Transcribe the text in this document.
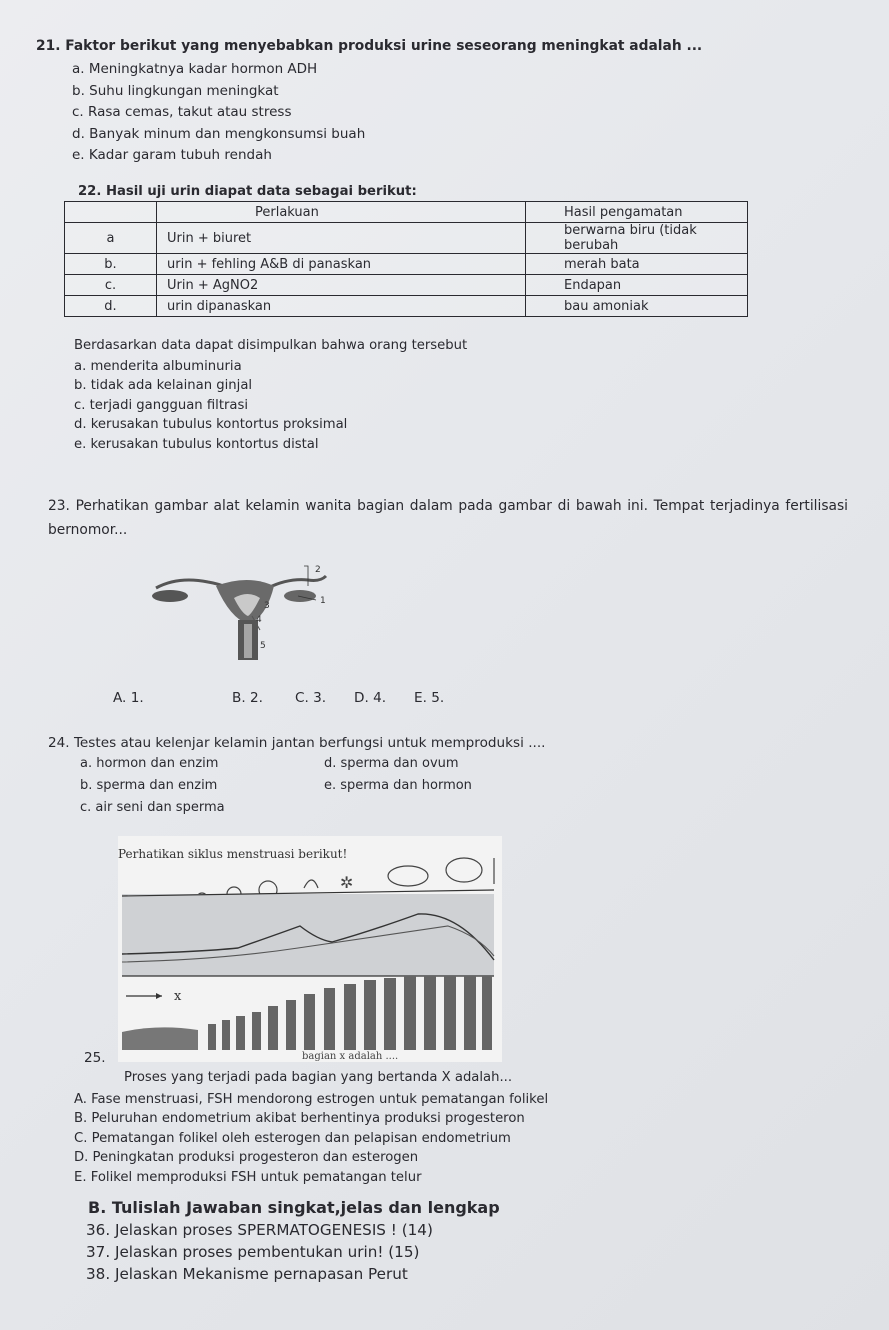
21. Faktor berikut yang menyebabkan produksi urine seseorang meningkat adalah ...
a. Meningkatnya kadar hormon ADH
b. Suhu lingkungan meningkat
c. Rasa cemas, takut atau stress
d. Banyak minum dan mengkonsumsi buah
e. Kadar garam tubuh rendah
22. Hasil uji urin diapat data sebagai berikut:
	Perlakuan	Hasil pengamatan
a	Urin + biuret	berwarna biru (tidak berubah
b.	urin + fehling A&B di panaskan	merah bata
c.	Urin + AgNO2	Endapan
d.	urin dipanaskan	bau amoniak
Berdasarkan data dapat disimpulkan bahwa orang tersebut
a. menderita albuminuria
b. tidak ada kelainan ginjal
c. terjadi gangguan filtrasi
d. kerusakan tubulus kontortus proksimal
e. kerusakan tubulus kontortus distal
23. Perhatikan gambar alat kelamin wanita bagian dalam pada gambar di bawah ini. Tempat terjadinya fertilisasi bernomor...
1
2
3
4
5
A. 1.	B. 2. C. 3. D. 4. E. 5.
24. Testes atau kelenjar kelamin jantan berfungsi untuk memproduksi ....
a. hormon dan enzim
b. sperma dan enzim
c. air seni dan sperma
d. sperma dan ovum
e. sperma dan hormon
Perhatikan siklus menstruasi berikut!
✲
x
bagian x adalah ....
25.
Proses yang terjadi pada bagian yang bertanda X adalah...
A. Fase menstruasi, FSH mendorong estrogen untuk pematangan folikel
B. Peluruhan endometrium akibat berhentinya produksi progesteron
C. Pematangan folikel oleh esterogen dan pelapisan endometrium
D. Peningkatan produksi progesteron dan esterogen
E. Folikel memproduksi FSH untuk pematangan telur
B. Tulislah Jawaban singkat,jelas dan lengkap
36. Jelaskan proses SPERMATOGENESIS ! (14)
37. Jelaskan proses pembentukan urin! (15)
38. Jelaskan Mekanisme pernapasan Perut
